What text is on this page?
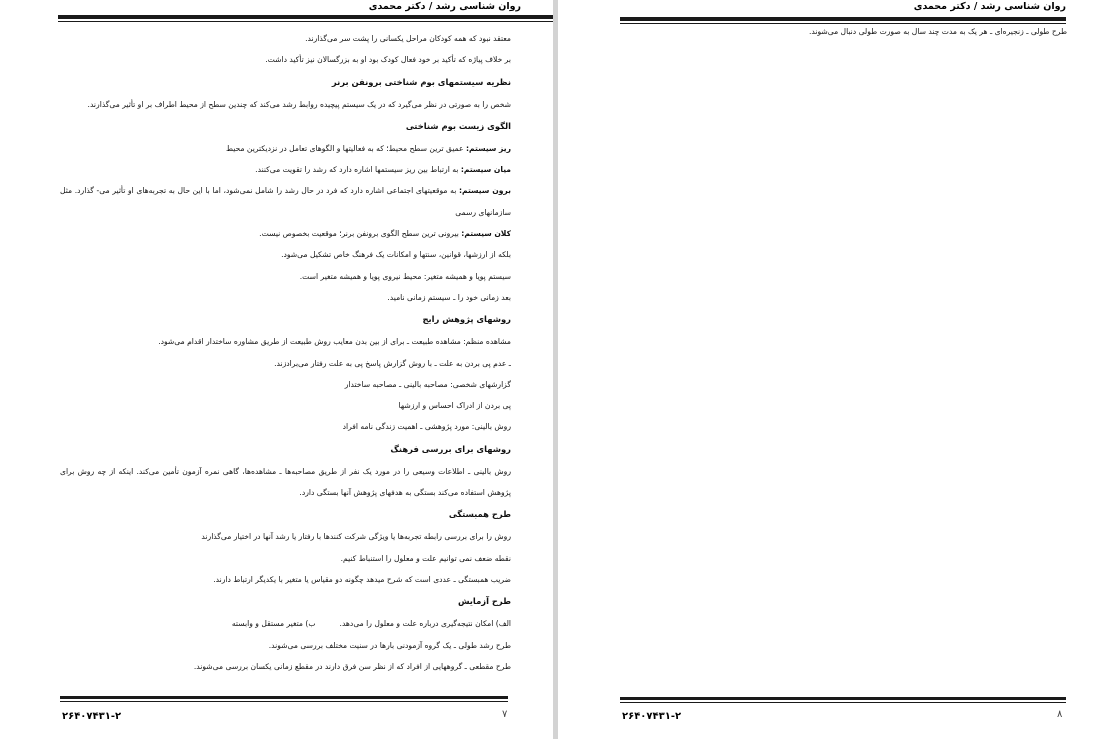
روان شناسی رشد / دکتر محمدی
معتقد نبود که همه کودکان مراحل یکسانی را پشت سر می‌گذارند.
بر خلاف پیاژه که تأکید بر خود فعال کودک بود او به بزرگسالان نیز تأکید داشت.
نظریه سیستمهای بوم شناختی برونفن برنر
شخص را به صورتی در نظر می‌گیرد که در یک سیستم پیچیده روابط رشد می‌کند که چندین سطح از محیط اطراف بر او تأثیر می‌گذارند.
الگوی زیست بوم شناختی
ریز سیستم: عمیق ترین سطح محیط؛ که به فعالیتها و الگوهای تعامل در نزدیکترین محیط
میان سیستم: به ارتباط بین ریز سیستمها اشاره دارد که رشد را تقویت می‌کنند.
برون سیستم: به موقعیتهای اجتماعی اشاره دارد که فرد در حال رشد را شامل نمی‌شود، اما با این حال به تجربه‌های او تأثیر می- گذارد. مثل سازمانهای رسمی
کلان سیستم: بیرونی ترین سطح الگوی برونفن برنر؛ موقعیت بخصوص نیست.
بلکه از ارزشها، قوانین، سنتها و امکانات یک فرهنگ خاص تشکیل می‌شود.
سیستم پویا و همیشه متغیر: محیط نیروی پویا و همیشه متغیر است.
بعد زمانی خود را ـ سیستم زمانی نامید.
روشهای پژوهش رایج
مشاهده منظم: مشاهده طبیعت ـ برای از بین بدن معایب روش طبیعت از طریق مشاوره ساختدار اقدام می‌شود.
ـ عدم پی بردن به علت ـ با روش گزارش پاسخ پی به علت رفتار می‌برادزند.
گزارشهای شخصی: مصاحبه بالینی ـ مصاحبه ساختدار
پی بردن از ادراک احساس و ارزشها
روش بالینی: مورد پژوهشی ـ اهمیت زندگی نامه افراد
روشهای برای بررسی فرهنگ
روش بالینی ـ اطلاعات وسیعی را در مورد یک نفر از طریق مصاحبه‌ها ـ مشاهده‌ها، گاهی نمره آزمون تأمین می‌کند. اینکه از چه روش برای پژوهش استفاده می‌کند بستگی به هدفهای پژوهش آنها بستگی دارد.
طرح همبستگی
روش را برای بررسی رابطه تجربه‌ها یا ویژگی شرکت کنندها با رفتار یا رشد آنها در اختیار می‌گذارند
نقطه ضعف نمی توانیم علت و معلول را استنباط کنیم.
ضریب همبستگی ـ عددی است که شرح میدهد چگونه دو مقیاس یا متغیر با یکدیگر ارتباط دارند.
طرح آزمایش
الف) امکان نتیجه‌گیری درباره علت و معلول را می‌دهد.ب) متغیر مستقل و وابسته
طرح رشد طولی ـ یک گروه آزمودنی بارها در سنیت مختلف بررسی می‌شوند.
طرح مقطعی ـ گروههایی از افراد که از نظر سن فرق دارند در مقطع زمانی یکسان بررسی می‌شوند.
۲۶۴۰۷۴۳۱-۲	۷
روان شناسی رشد / دکتر محمدی
طرح طولی ـ زنجیره‌ای ـ هر یک به مدت چند سال به صورت طولی دنبال می‌شوند.
۲۶۴۰۷۴۳۱-۲	۸
